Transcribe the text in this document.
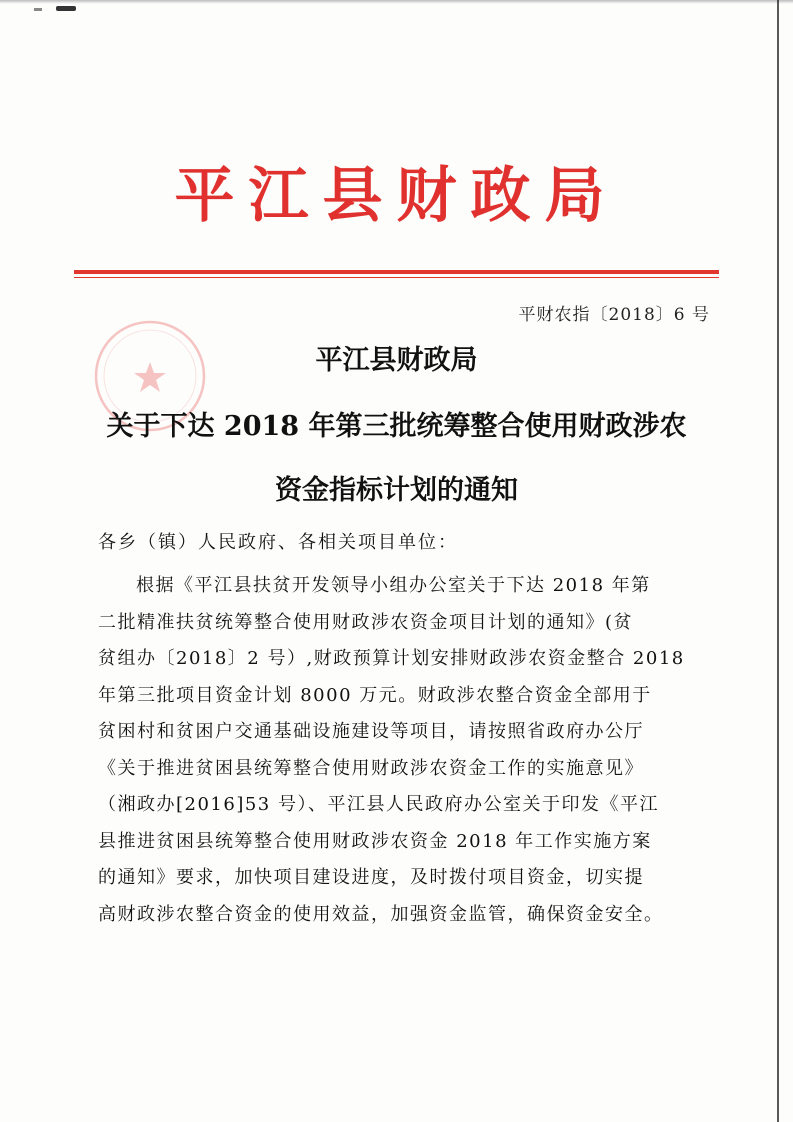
平江县财政局
平财农指〔2018〕6 号
平江县财政局
关于下达 2018 年第三批统筹整合使用财政涉农
资金指标计划的通知
各乡（镇）人民政府、各相关项目单位：
根据《平江县扶贫开发领导小组办公室关于下达 2018 年第
二批精准扶贫统筹整合使用财政涉农资金项目计划的通知》(贫
贫组办〔2018〕2 号）,财政预算计划安排财政涉农资金整合 2018
年第三批项目资金计划 8000 万元。财政涉农整合资金全部用于
贫困村和贫困户交通基础设施建设等项目，请按照省政府办公厅
《关于推进贫困县统筹整合使用财政涉农资金工作的实施意见》
（湘政办[2016]53 号）、平江县人民政府办公室关于印发《平江
县推进贫困县统筹整合使用财政涉农资金 2018 年工作实施方案
的通知》要求，加快项目建设进度，及时拨付项目资金，切实提
高财政涉农整合资金的使用效益，加强资金监管，确保资金安全。
